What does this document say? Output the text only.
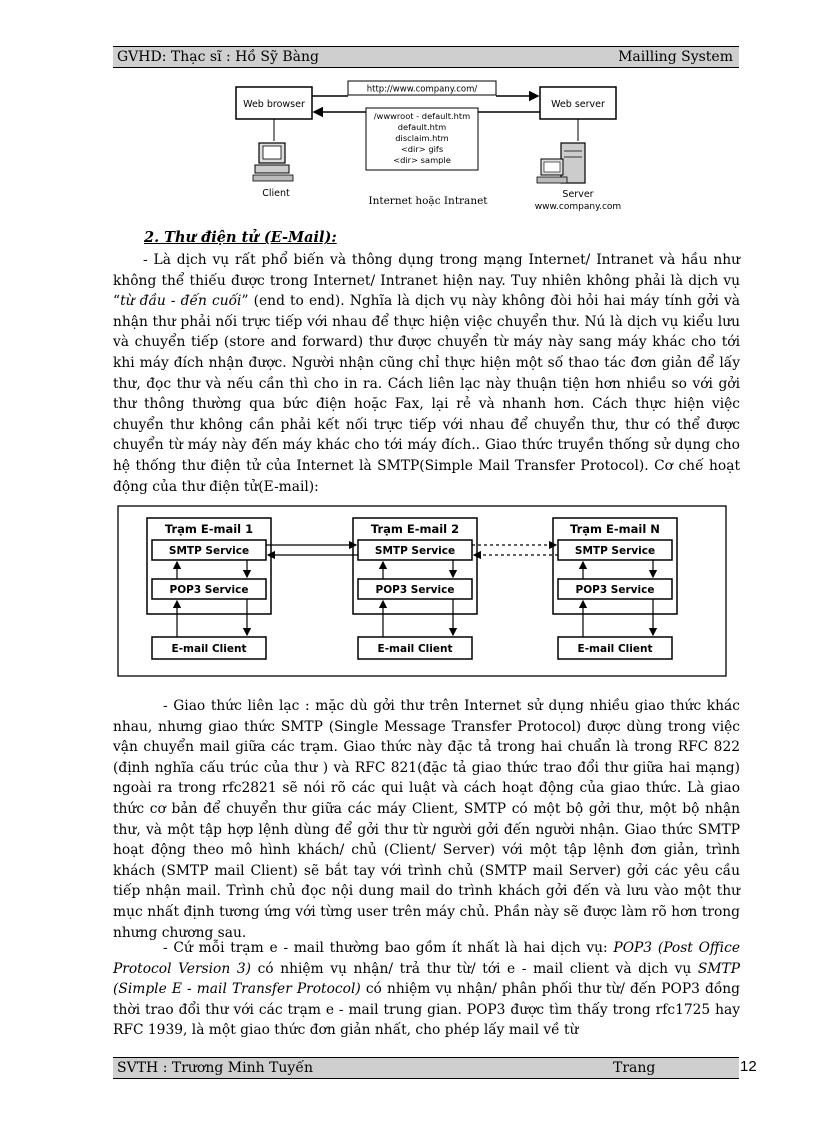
GVHD: Thạc sĩ : Hồ Sỹ Bàng	Mailling System
Web browser	Web server
http://www.company.com/
/wwwroot - default.htm
default.htm
disclaim.htm
<dir> gifs
<dir> sample
Client	Server
www.company.com
Internet hoặc Intranet
2. Thư điện tử (E-Mail):
- Là dịch vụ rất phổ biến và thông dụng trong mạng Internet/ Intranet và hầu như không thể thiếu được trong Internet/ Intranet hiện nay. Tuy nhiên không phải là dịch vụ “từ đầu - đến cuối” (end to end). Nghĩa là dịch vụ này không đòi hỏi hai máy tính gởi và nhận thư phải nối trực tiếp với nhau để thực hiện việc chuyển thư. Nú là dịch vụ kiểu lưu và chuyển tiếp (store and forward) thư được chuyển từ máy này sang máy khác cho tới khi máy đích nhận được. Người nhận cũng chỉ thực hiện một số thao tác đơn giản để lấy thư, đọc thư và nếu cần thì cho in ra. Cách liên lạc này thuận tiện hơn nhiều so với gởi thư thông thường qua bức điện hoặc Fax, lại rẻ và nhanh hơn. Cách thực hiện việc chuyển thư không cần phải kết nối trực tiếp với nhau để chuyển thư, thư có thể được chuyển từ máy này đến máy khác cho tới máy đích.. Giao thức truyền thống sử dụng cho hệ thống thư điện tử của Internet là SMTP(Simple Mail Transfer Protocol). Cơ chế hoạt động của thư điện tử(E-mail):
Trạm E-mail 1
SMTP Service
POP3 Service
E-mail Client
Trạm E-mail 2
SMTP Service
POP3 Service
E-mail Client
Trạm E-mail N
SMTP Service
POP3 Service
E-mail Client
- Giao thức liên lạc : mặc dù gởi thư trên Internet sử dụng nhiều giao thức khác nhau, nhưng giao thức SMTP (Single Message Transfer Protocol) được dùng trong việc vận chuyển mail giữa các trạm. Giao thức này đặc tả trong hai chuẩn là trong RFC 822 (định nghĩa cấu trúc của thư ) và RFC 821(đặc tả giao thức trao đổi thư giữa hai mạng) ngoài ra trong rfc2821 sẽ nói rõ các qui luật và cách hoạt động của giao thức. Là giao thức cơ bản để chuyển thư giữa các máy Client, SMTP có một bộ gởi thư, một bộ nhận thư, và một tập hợp lệnh dùng để gởi thư từ người gởi đến người nhận. Giao thức SMTP hoạt động theo mô hình khách/ chủ (Client/ Server) với một tập lệnh đơn giản, trình khách (SMTP mail Client) sẽ bắt tay với trình chủ (SMTP mail Server) gởi các yêu cầu tiếp nhận mail. Trình chủ đọc nội dung mail do trình khách gởi đến và lưu vào một thư mục nhất định tương ứng với từng user trên máy chủ. Phần này sẽ được làm rõ hơn trong nhưng chương sau.
- Cứ mỗi trạm e - mail thường bao gồm ít nhất là hai dịch vụ: POP3 (Post Office Protocol Version 3) có nhiệm vụ nhận/ trả thư từ/ tới e - mail client và dịch vụ SMTP (Simple E - mail Transfer Protocol) có nhiệm vụ nhận/ phân phối thư từ/ đến POP3 đồng thời trao đổi thư với các trạm e - mail trung gian. POP3 được tìm thấy trong rfc1725 hay RFC 1939, là một giao thức đơn giản nhất, cho phép lấy mail về từ
SVTH : Trương Minh Tuyến	Trang	12
